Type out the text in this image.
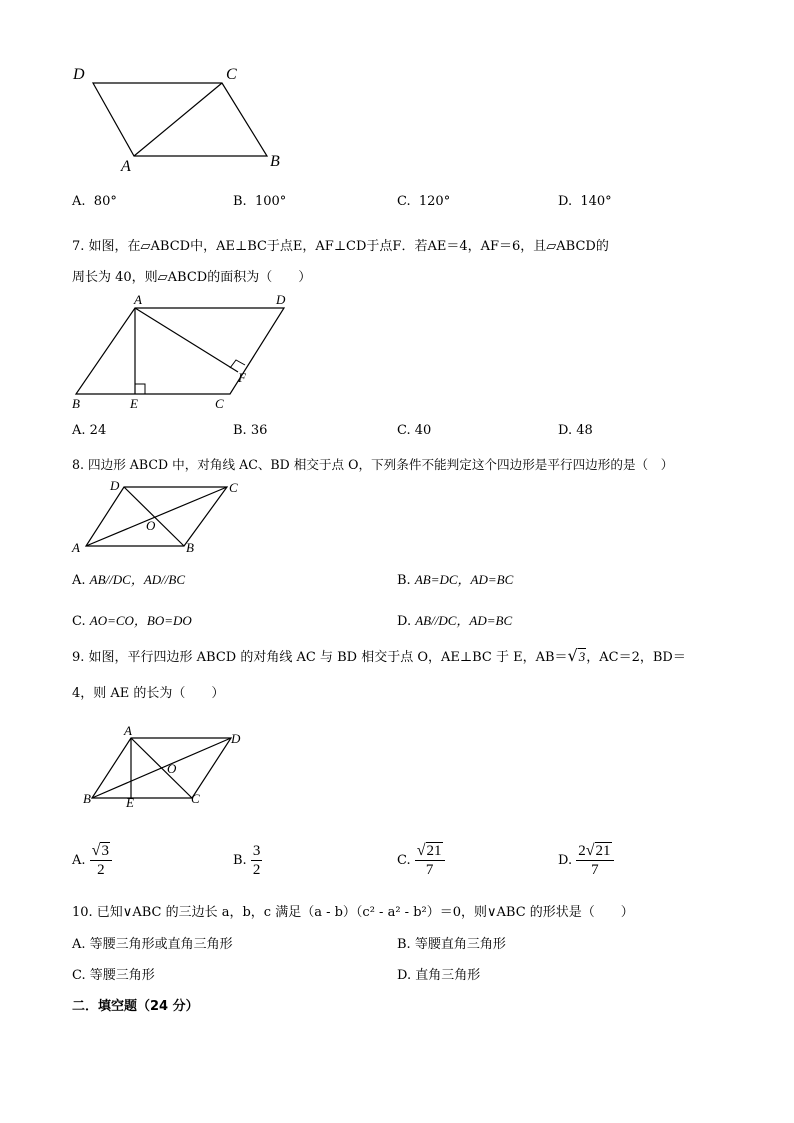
D	C
A	B
A. 80°	B. 100°	C. 120°	D. 140°
7. 如图，在▱ABCD中，AE⊥BC于点E，AF⊥CD于点F．若AE＝4，AF＝6，且▱ABCD的
周长为 40，则▱ABCD的面积为（　　）
A	D
B	E	C
F
A. 24	B. 36	C. 40	D. 48
8. 四边形 ABCD 中，对角线 AC、BD 相交于点 O，下列条件不能判定这个四边形是平行四边形的是（　）
D	C
O
A	B
A. AB//DC，AD//BC	B. AB=DC，AD=BC
C. AO=CO，BO=DO	D. AB//DC，AD=BC
9. 如图，平行四边形 ABCD 的对角线 AC 与 BD 相交于点 O，AE⊥BC 于 E，AB＝√3，AC＝2，BD＝
4，则 AE 的长为（　　）
A
D
O
B	E	C
A. $\frac{√3}{2}$	B. $\frac{3}{2}$	C. $\frac{√21}{7}$	D. $\frac{2√21}{7}$
10. 已知∨ABC 的三边长 a，b，c 满足（a - b）（c² - a² - b²）＝0，则∨ABC 的形状是（　　）
A. 等腰三角形或直角三角形	B. 等腰直角三角形
C. 等腰三角形	D. 直角三角形
二．填空题（24 分）
